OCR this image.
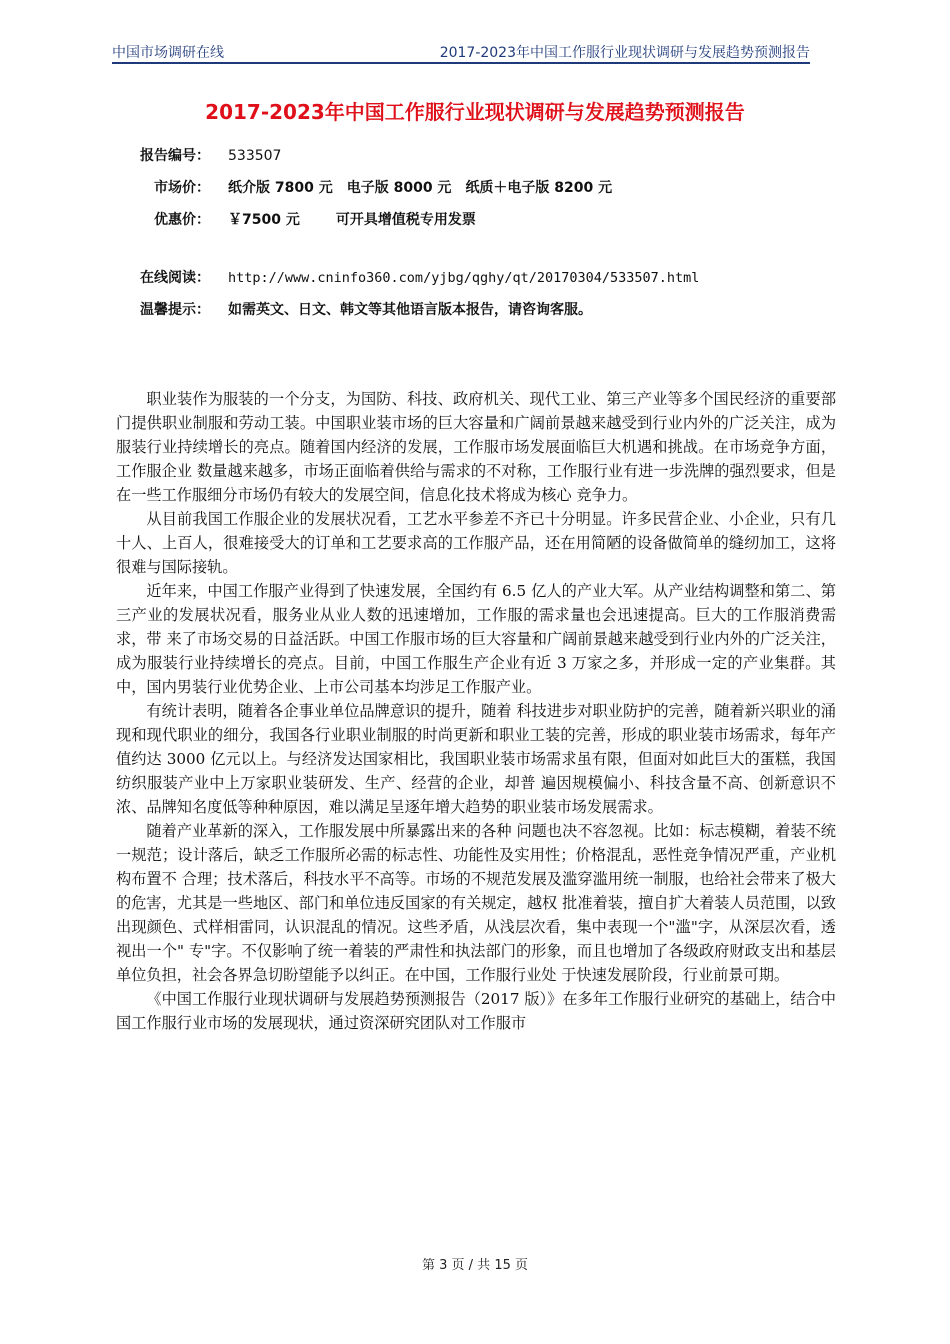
中国市场调研在线	2017-2023年中国工作服行业现状调研与发展趋势预测报告
2017-2023年中国工作服行业现状调研与发展趋势预测报告
报告编号： 533507
市场价： 纸介版 7800 元 电子版 8000 元 纸质＋电子版 8200 元
优惠价： ￥7500 元	可开具增值税专用发票
在线阅读： http://www.cninfo360.com/yjbg/qghy/qt/20170304/533507.html
温馨提示： 如需英文、日文、韩文等其他语言版本报告，请咨询客服。

职业装作为服装的一个分支，为国防、科技、政府机关、现代工业、第三产业等多个国民经济的重要部门提供职业制服和劳动工装。中国职业装市场的巨大容量和广阔前景越来越受到行业内外的广泛关注，成为服装行业持续增长的亮点。随着国内经济的发展，工作服市场发展面临巨大机遇和挑战。在市场竞争方面，工作服企业 数量越来越多，市场正面临着供给与需求的不对称，工作服行业有进一步洗牌的强烈要求，但是在一些工作服细分市场仍有较大的发展空间，信息化技术将成为核心 竞争力。

从目前我国工作服企业的发展状况看，工艺水平参差不齐已十分明显。许多民营企业、小企业，只有几十人、上百人，很难接受大的订单和工艺要求高的工作服产品，还在用简陋的设备做简单的缝纫加工，这将很难与国际接轨。

近年来，中国工作服产业得到了快速发展，全国约有 6.5 亿人的产业大军。从产业结构调整和第二、第三产业的发展状况看，服务业从业人数的迅速增加，工作服的需求量也会迅速提高。巨大的工作服消费需求，带 来了市场交易的日益活跃。中国工作服市场的巨大容量和广阔前景越来越受到行业内外的广泛关注，成为服装行业持续增长的亮点。目前，中国工作服生产企业有近 3 万家之多，并形成一定的产业集群。其中，国内男装行业优势企业、上市公司基本均涉足工作服产业。

有统计表明，随着各企事业单位品牌意识的提升，随着 科技进步对职业防护的完善，随着新兴职业的涌现和现代职业的细分，我国各行业职业制服的时尚更新和职业工装的完善，形成的职业装市场需求，每年产值约达 3000 亿元以上。与经济发达国家相比，我国职业装市场需求虽有限，但面对如此巨大的蛋糕，我国纺织服装产业中上万家职业装研发、生产、经营的企业，却普 遍因规模偏小、科技含量不高、创新意识不浓、品牌知名度低等种种原因，难以满足呈逐年增大趋势的职业装市场发展需求。

随着产业革新的深入，工作服发展中所暴露出来的各种 问题也决不容忽视。比如：标志模糊，着装不统一规范；设计落后，缺乏工作服所必需的标志性、功能性及实用性；价格混乱，恶性竞争情况严重，产业机构布置不 合理；技术落后，科技水平不高等。市场的不规范发展及滥穿滥用统一制服，也给社会带来了极大的危害，尤其是一些地区、部门和单位违反国家的有关规定，越权 批准着装，擅自扩大着装人员范围，以致出现颜色、式样相雷同，认识混乱的情况。这些矛盾，从浅层次看，集中表现一个"滥"字，从深层次看，透视出一个" 专"字。不仅影响了统一着装的严肃性和执法部门的形象，而且也增加了各级政府财政支出和基层单位负担，社会各界急切盼望能予以纠正。在中国，工作服行业处 于快速发展阶段，行业前景可期。

《中国工作服行业现状调研与发展趋势预测报告（2017 版）》在多年工作服行业研究的基础上，结合中国工作服行业市场的发展现状，通过资深研究团队对工作服市

第 3 页 / 共 15 页
